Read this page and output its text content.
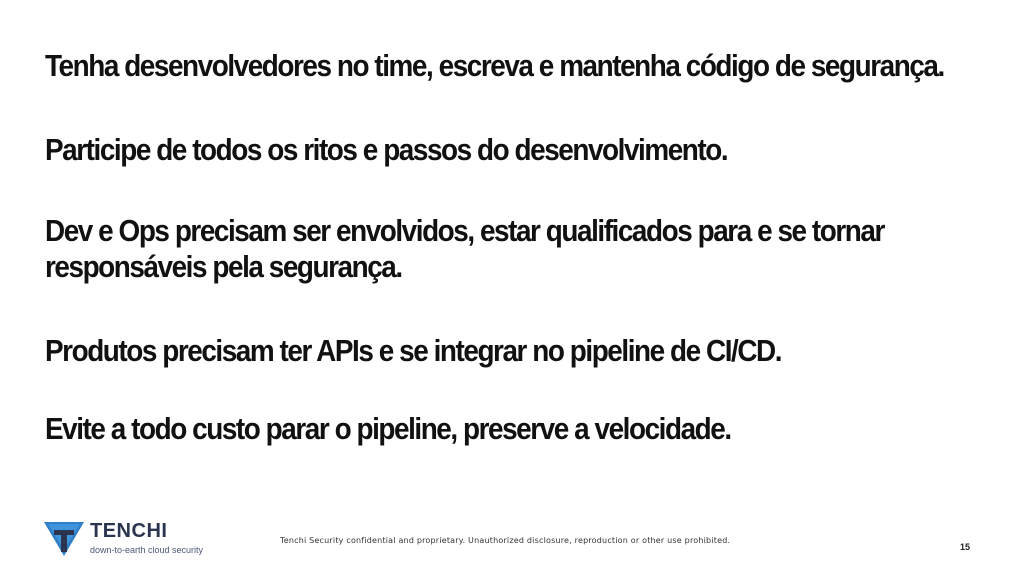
Tenha desenvolvedores no time, escreva e mantenha código de segurança.

Participe de todos os ritos e passos do desenvolvimento.

Dev e Ops precisam ser envolvidos, estar qualificados para e se tornar responsáveis pela segurança.

Produtos precisam ter APIs e se integrar no pipeline de CI/CD.

Evite a todo custo parar o pipeline, preserve a velocidade.

TENCHI
down-to-earth cloud security
Tenchi Security confidential and proprietary. Unauthorized disclosure, reproduction or other use prohibited.
15
